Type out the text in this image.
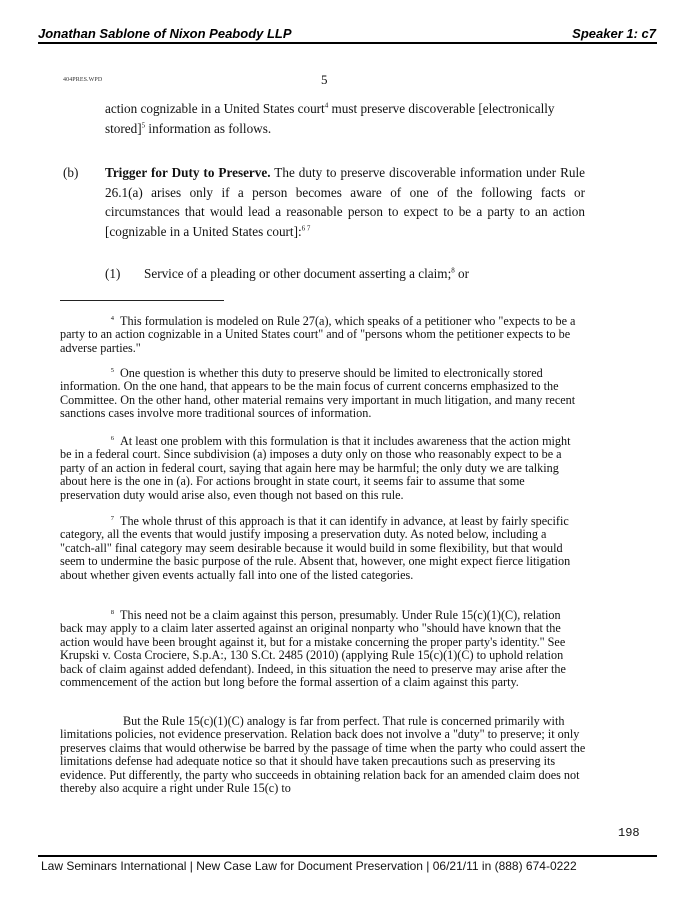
Jonathan Sablone of Nixon Peabody LLP	Speaker 1: c7
404PRES.WPD	5
action cognizable in a United States court$^4$ must preserve discoverable [electronically stored]$^5$ information as follows.
(b) Trigger for Duty to Preserve. The duty to preserve discoverable information under Rule 26.1(a) arises only if a person becomes aware of one of the following facts or circumstances that would lead a reasonable person to expect to be a party to an action [cognizable in a United States court]:$^{6 7}$
(1) Service of a pleading or other document asserting a claim;$^8$ or
$^4$ This formulation is modeled on Rule 27(a), which speaks of a petitioner who "expects to be a party to an action cognizable in a United States court" and of "persons whom the petitioner expects to be adverse parties."
$^5$ One question is whether this duty to preserve should be limited to electronically stored information. On the one hand, that appears to be the main focus of current concerns emphasized to the Committee. On the other hand, other material remains very important in much litigation, and many recent sanctions cases involve more traditional sources of information.
$^6$ At least one problem with this formulation is that it includes awareness that the action might be in a federal court. Since subdivision (a) imposes a duty only on those who reasonably expect to be a party of an action in federal court, saying that again here may be harmful; the only duty we are talking about here is the one in (a). For actions brought in state court, it seems fair to assume that some preservation duty would arise also, even though not based on this rule.
$^7$ The whole thrust of this approach is that it can identify in advance, at least by fairly specific category, all the events that would justify imposing a preservation duty. As noted below, including a "catch-all" final category may seem desirable because it would build in some flexibility, but that would seem to undermine the basic purpose of the rule. Absent that, however, one might expect fierce litigation about whether given events actually fall into one of the listed categories.
$^8$ This need not be a claim against this person, presumably. Under Rule 15(c)(1)(C), relation back may apply to a claim later asserted against an original nonparty who "should have known that the action would have been brought against it, but for a mistake concerning the proper party's identity." See Krupski v. Costa Crociere, S.p.A:, 130 S.Ct. 2485 (2010) (applying Rule 15(c)(1)(C) to uphold relation back of claim against added defendant). Indeed, in this situation the need to preserve may arise after the commencement of the action but long before the formal assertion of a claim against this party.
But the Rule 15(c)(1)(C) analogy is far from perfect. That rule is concerned primarily with limitations policies, not evidence preservation. Relation back does not involve a "duty" to preserve; it only preserves claims that would otherwise be barred by the passage of time when the party who could assert the limitations defense had adequate notice so that it should have taken precautions such as preserving its evidence. Put differently, the party who succeeds in obtaining relation back for an amended claim does not thereby also acquire a right under Rule 15(c) to
198
Law Seminars International | New Case Law for Document Preservation | 06/21/11 in (888) 674-0222
